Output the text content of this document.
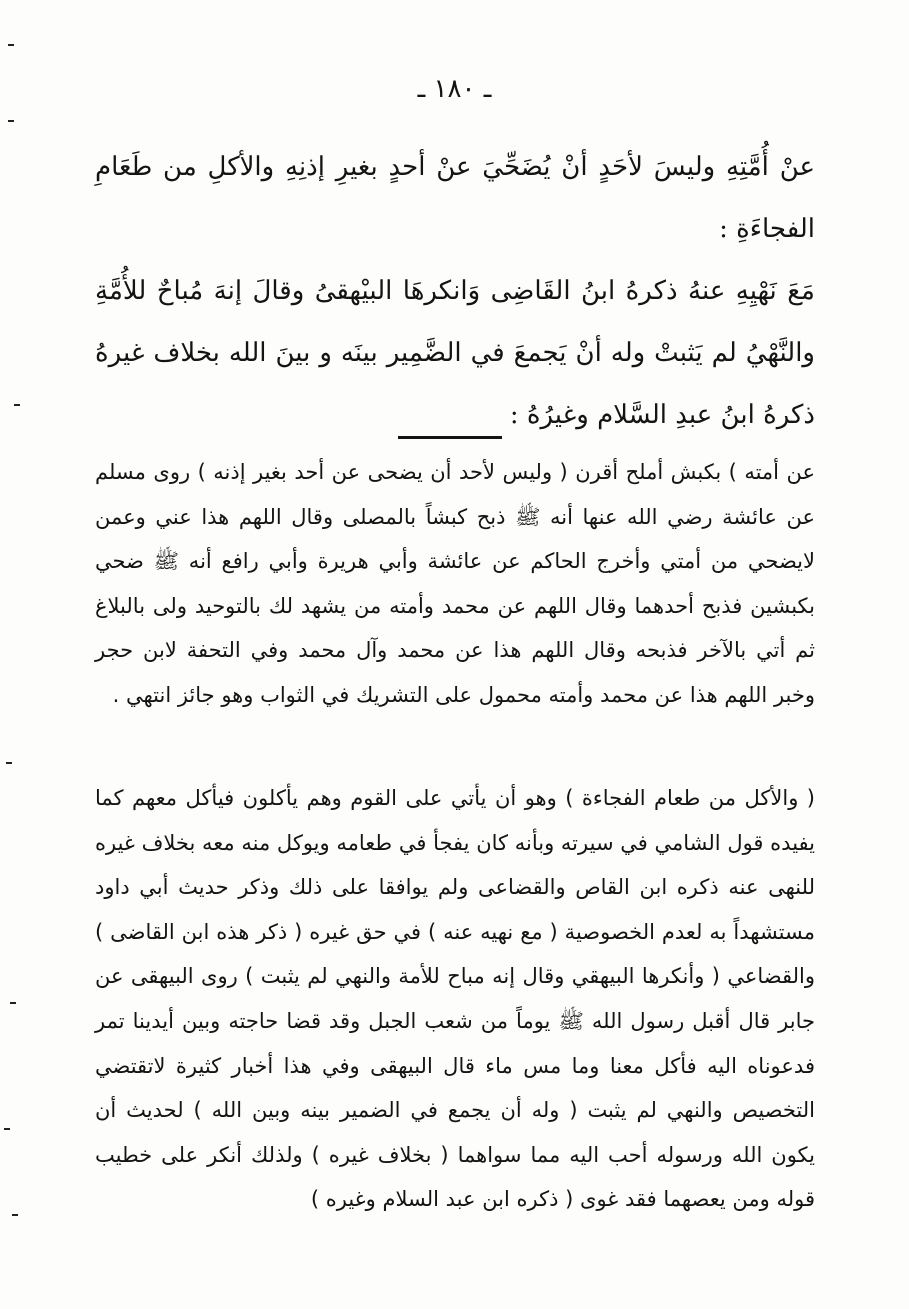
ـ ١٨٠ ـ

عنْ أُمَّتِهِ وليسَ لأحَدٍ أنْ يُضَحِّيَ عنْ أحدٍ بغيرِ إذنِهِ والأكلِ من طَعَامِ الفجاءَةِ :

مَعَ نَهْيِهِ عنهُ ذكرهُ ابنُ القَاضِى وَانكرهَا البيْهقىُ وقالَ إنهَ مُباحٌ للأُمَّةِ والنَّهْيُ لم يَثبتْ وله أنْ يَجمعَ في الضَّمِير بينَه و بينَ الله بخلاف غيرهُ ذكرهُ ابنُ عبدِ السَّلام وغيرُهُ :

عن أمته ) بكبش أملح أقرن ( وليس لأحد أن يضحى عن أحد بغير إذنه ) روى مسلم عن عائشة رضي الله عنها أنه ﷺ ذبح كبشاً بالمصلى وقال اللهم هذا عني وعمن لايضحي من أمتي وأخرج الحاكم عن عائشة وأبي هريرة وأبي رافع أنه ﷺ ضحي بكبشين فذبح أحدهما وقال اللهم عن محمد وأمته من يشهد لك بالتوحيد ولى بالبلاغ ثم أتي بالآخر فذبحه وقال اللهم هذا عن محمد وآل محمد وفي التحفة لابن حجر وخبر اللهم هذا عن محمد وأمته محمول على التشريك في الثواب وهو جائز انتهي .

( والأكل من طعام الفجاءة ) وهو أن يأتي على القوم وهم يأكلون فيأكل معهم كما يفيده قول الشامي في سيرته وبأنه كان يفجأ في طعامه ويوكل منه معه بخلاف غيره للنهى عنه ذكره ابن القاص والقضاعى ولم يوافقا على ذلك وذكر حديث أبي داود مستشهداً به لعدم الخصوصية ( مع نهيه عنه ) في حق غيره ( ذكر هذه ابن القاضى ) والقضاعي ( وأنكرها البيهقي وقال إنه مباح للأمة والنهي لم يثبت ) روى البيهقى عن جابر قال أقبل رسول الله ﷺ يوماً من شعب الجبل وقد قضا حاجته وبين أيدينا تمر فدعوناه اليه فأكل معنا وما مس ماء قال البيهقى وفي هذا أخبار كثيرة لاتقتضي التخصيص والنهي لم يثبت ( وله أن يجمع في الضمير بينه وبين الله ) لحديث أن يكون الله ورسوله أحب اليه مما سواهما ( بخلاف غيره ) ولذلك أنكر على خطيب قوله ومن يعصهما فقد غوى ( ذكره ابن عبد السلام وغيره )
